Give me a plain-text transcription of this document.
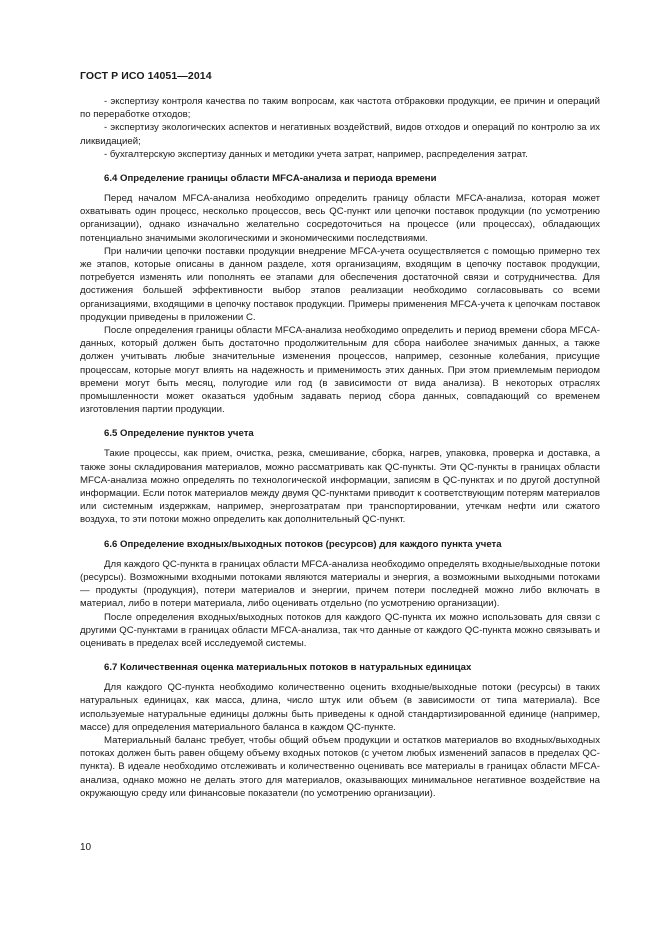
ГОСТ Р ИСО 14051—2014

- экспертизу контроля качества по таким вопросам, как частота отбраковки продукции, ее причин и операций по переработке отходов;

- экспертизу экологических аспектов и негативных воздействий, видов отходов и операций по контролю за их ликвидацией;

- бухгалтерскую экспертизу данных и методики учета затрат, например, распределения затрат.

6.4 Определение границы области MFCA-анализа и периода времени

Перед началом MFCA-анализа необходимо определить границу области MFCA-анализа, которая может охватывать один процесс, несколько процессов, весь QC-пункт или цепочки поставок продукции (по усмотрению организации), однако изначально желательно сосредоточиться на процессе (или процессах), обладающих потенциально значимыми экологическими и экономическими последствиями.

При наличии цепочки поставки продукции внедрение MFCA-учета осуществляется с помощью примерно тех же этапов, которые описаны в данном разделе, хотя организациям, входящим в цепочку поставок продукции, потребуется изменять или пополнять ее этапами для обеспечения достаточной связи и сотрудничества. Для достижения большей эффективности выбор этапов реализации необходимо согласовывать со всеми организациями, входящими в цепочку поставок продукции. Примеры применения MFCA-учета к цепочкам поставок продукции приведены в приложении С.

После определения границы области MFCA-анализа необходимо определить и период времени сбора MFCA-данных, который должен быть достаточно продолжительным для сбора наиболее значимых данных, а также должен учитывать любые значительные изменения процессов, например, сезонные колебания, присущие процессам, которые могут влиять на надежность и применимость этих данных. При этом приемлемым периодом времени могут быть месяц, полугодие или год (в зависимости от вида анализа). В некоторых отраслях промышленности может оказаться удобным задавать период сбора данных, совпадающий со временем изготовления партии продукции.

6.5 Определение пунктов учета

Такие процессы, как прием, очистка, резка, смешивание, сборка, нагрев, упаковка, проверка и доставка, а также зоны складирования материалов, можно рассматривать как QC-пункты. Эти QC-пункты в границах области MFCA-анализа можно определять по технологической информации, записям в QC-пунктах и по другой доступной информации. Если поток материалов между двумя QC-пунктами приводит к соответствующим потерям материалов или системным издержкам, например, энергозатратам при транспортировании, утечкам нефти или сжатого воздуха, то эти потоки можно определить как дополнительный QC-пункт.

6.6 Определение входных/выходных потоков (ресурсов) для каждого пункта учета

Для каждого QC-пункта в границах области MFCA-анализа необходимо определять входные/выходные потоки (ресурсы). Возможными входными потоками являются материалы и энергия, а возможными выходными потоками — продукты (продукция), потери материалов и энергии, причем потери последней можно либо включать в материал, либо в потери материала, либо оценивать отдельно (по усмотрению организации).

После определения входных/выходных потоков для каждого QC-пункта их можно использовать для связи с другими QC-пунктами в границах области MFCA-анализа, так что данные от каждого QC-пункта можно связывать и оценивать в пределах всей исследуемой системы.

6.7 Количественная оценка материальных потоков в натуральных единицах

Для каждого QC-пункта необходимо количественно оценить входные/выходные потоки (ресурсы) в таких натуральных единицах, как масса, длина, число штук или объем (в зависимости от типа материала). Все используемые натуральные единицы должны быть приведены к одной стандартизированной единице (например, массе) для определения материального баланса в каждом QC-пункте.

Материальный баланс требует, чтобы общий объем продукции и остатков материалов во входных/выходных потоках должен быть равен общему объему входных потоков (с учетом любых изменений запасов в пределах QC-пункта). В идеале необходимо отслеживать и количественно оценивать все материалы в границах области MFCA-анализа, однако можно не делать этого для материалов, оказывающих минимальное негативное воздействие на окружающую среду или финансовые показатели (по усмотрению организации).

10
